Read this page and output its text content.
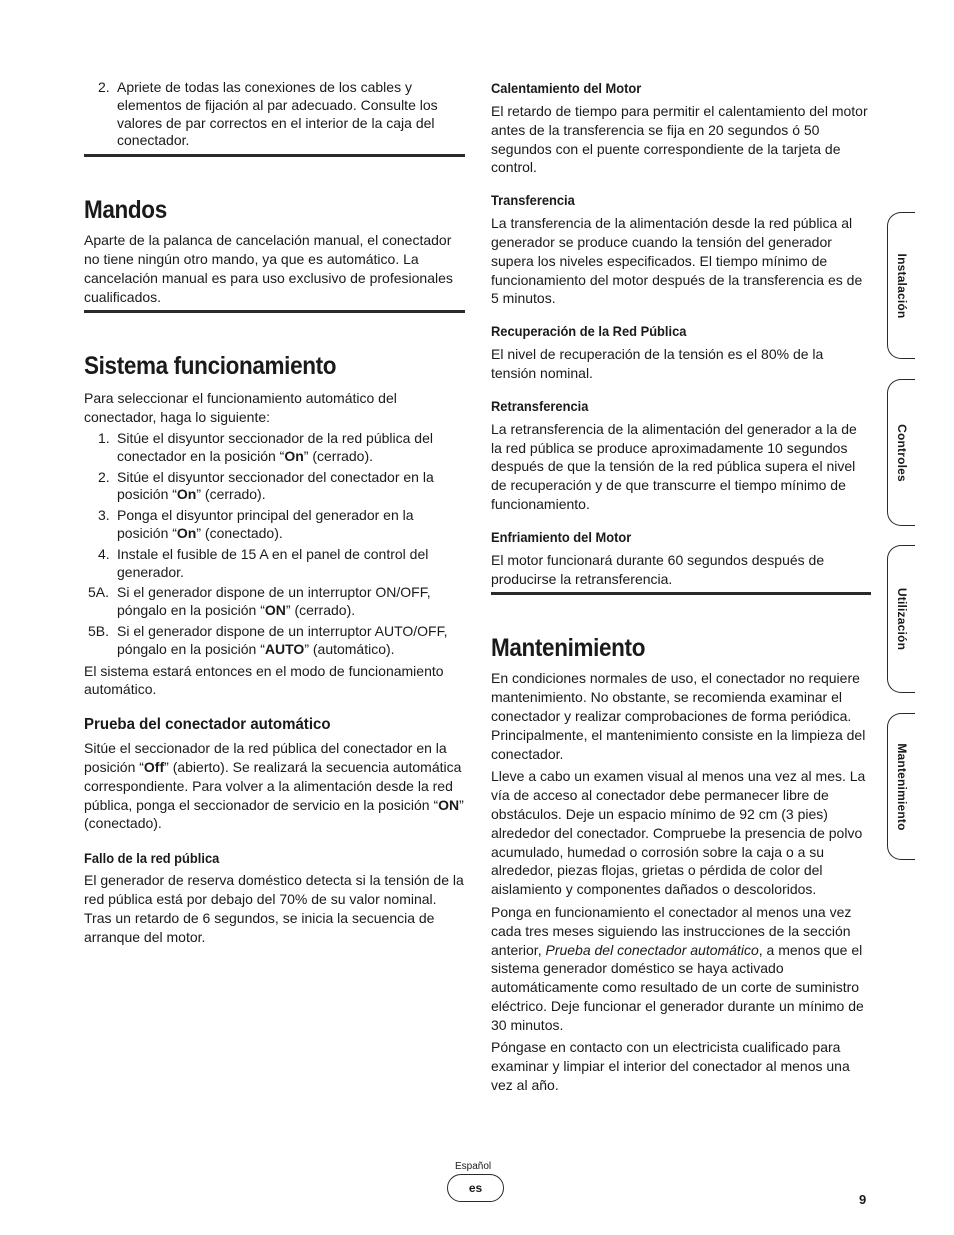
2. Apriete de todas las conexiones de los cables y elementos de fijación al par adecuado. Consulte los valores de par correctos en el interior de la caja del conectador.
Mandos

Aparte de la palanca de cancelación manual, el conectador no tiene ningún otro mando, ya que es automático. La cancelación manual es para uso exclusivo de profesionales cualificados.

Sistema funcionamiento

Para seleccionar el funcionamiento automático del conectador, haga lo siguiente:

1. Sitúe el disyuntor seccionador de la red pública del conectador en la posición “On” (cerrado).
2. Sitúe el disyuntor seccionador del conectador en la posición “On” (cerrado).
3. Ponga el disyuntor principal del generador en la posición “On” (conectado).
4. Instale el fusible de 15 A en el panel de control del generador.
5A. Si el generador dispone de un interruptor ON/OFF, póngalo en la posición “ON” (cerrado).
5B. Si el generador dispone de un interruptor AUTO/OFF, póngalo en la posición “AUTO” (automático).

El sistema estará entonces en el modo de funcionamiento automático.

Prueba del conectador automático

Sitúe el seccionador de la red pública del conectador en la posición “Off” (abierto). Se realizará la secuencia automática correspondiente. Para volver a la alimentación desde la red pública, ponga el seccionador de servicio en la posición “ON” (conectado).

Fallo de la red pública

El generador de reserva doméstico detecta si la tensión de la red pública está por debajo del 70% de su valor nominal. Tras un retardo de 6 segundos, se inicia la secuencia de arranque del motor.

Calentamiento del Motor

El retardo de tiempo para permitir el calentamiento del motor antes de la transferencia se fija en 20 segundos ó 50 segundos con el puente correspondiente de la tarjeta de control.

Transferencia

La transferencia de la alimentación desde la red pública al generador se produce cuando la tensión del generador supera los niveles especificados. El tiempo mínimo de funcionamiento del motor después de la transferencia es de 5 minutos.

Recuperación de la Red Pública

El nivel de recuperación de la tensión es el 80% de la tensión nominal.

Retransferencia

La retransferencia de la alimentación del generador a la de la red pública se produce aproximadamente 10 segundos después de que la tensión de la red pública supera el nivel de recuperación y de que transcurre el tiempo mínimo de funcionamiento.

Enfriamiento del Motor

El motor funcionará durante 60 segundos después de producirse la retransferencia.

Mantenimiento

En condiciones normales de uso, el conectador no requiere mantenimiento. No obstante, se recomienda examinar el conectador y realizar comprobaciones de forma periódica. Principalmente, el mantenimiento consiste en la limpieza del conectador.

Lleve a cabo un examen visual al menos una vez al mes. La vía de acceso al conectador debe permanecer libre de obstáculos. Deje un espacio mínimo de 92 cm (3 pies) alrededor del conectador. Compruebe la presencia de polvo acumulado, humedad o corrosión sobre la caja o a su alrededor, piezas flojas, grietas o pérdida de color del aislamiento y componentes dañados o descoloridos.

Ponga en funcionamiento el conectador al menos una vez cada tres meses siguiendo las instrucciones de la sección anterior, Prueba del conectador automático, a menos que el sistema generador doméstico se haya activado automáticamente como resultado de un corte de suministro eléctrico. Deje funcionar el generador durante un mínimo de 30 minutos.

Póngase en contacto con un electricista cualificado para examinar y limpiar el interior del conectador al menos una vez al año.

Instalación
Controles
Utilización
Mantenimiento
Español
es
9
